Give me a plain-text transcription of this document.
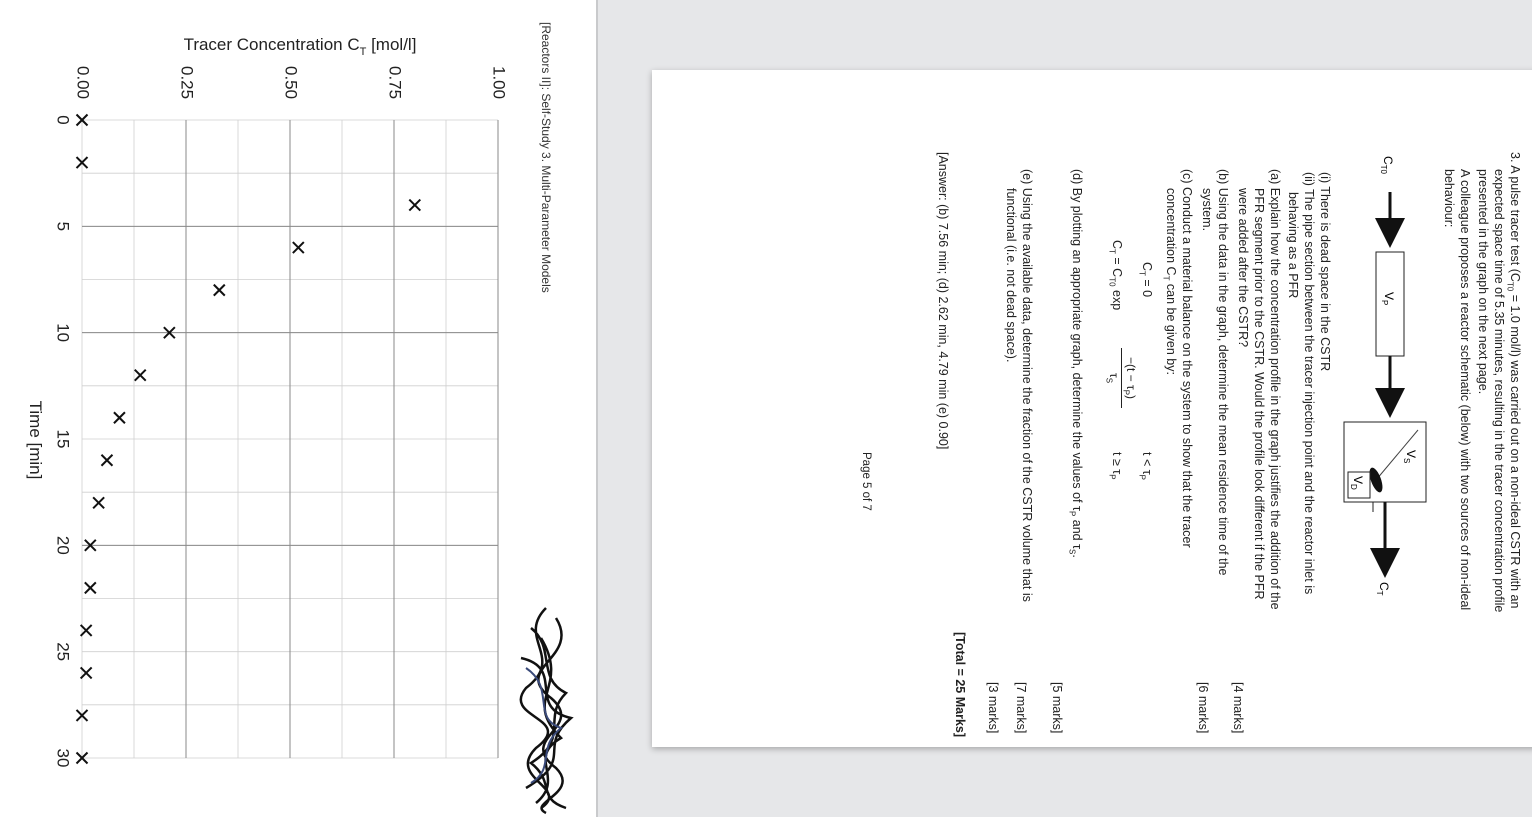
[Reactors II]: Self-Study 3. Multi-Parameter Models
0.00	0.25	0.50	0.75	1.00
0
5
10
15
20
25
30
Tracer Concentration $C_T$ [mol/l]
Time [min]
3. A pulse tracer test ($C_{T0} = 1.0$ mol/l) was carried out on a non-ideal CSTR with an
expected space time of 5.35 minutes, resulting in the tracer concentration profile
presented in the graph on the next page.
A colleague proposes a reactor schematic (below) with two sources of non-ideal
behaviour:
$C_{T0}$
$V_P$
$V_S$
$V_D$
$C_T$
(i) There is dead space in the CSTR
(ii) The pipe section between the tracer injection point and the reactor inlet is
behaving as a PFR
(a) Explain how the concentration profile in the graph justifies the addition of the
PFR segment prior to the CSTR. Would the profile look different if the PFR
were added after the CSTR?
[4 marks]
(b) Using the data in the graph, determine the mean residence time of the
system.
[6 marks]
(c) Conduct a material balance on the system to show that the tracer
concentration $C_T$ can be given by:
$C_T = 0$
$t < \tau_P$
$C_T = C_{T0}$ exp
$-(t - \tau_P)$
$\tau_S$
$t \ge \tau_P$
(d) By plotting an appropriate graph, determine the values of $\tau_P$ and $\tau_S$.
[5 marks]
[7 marks]
(e) Using the available data, determine the fraction of the CSTR volume that is
functional (i.e. not dead space).
[3 marks]
[Total = 25 Marks]
[Answer: (b) 7.56 min; (d) 2.62 min, 4.79 min (e) 0.90]
Page 5 of 7
